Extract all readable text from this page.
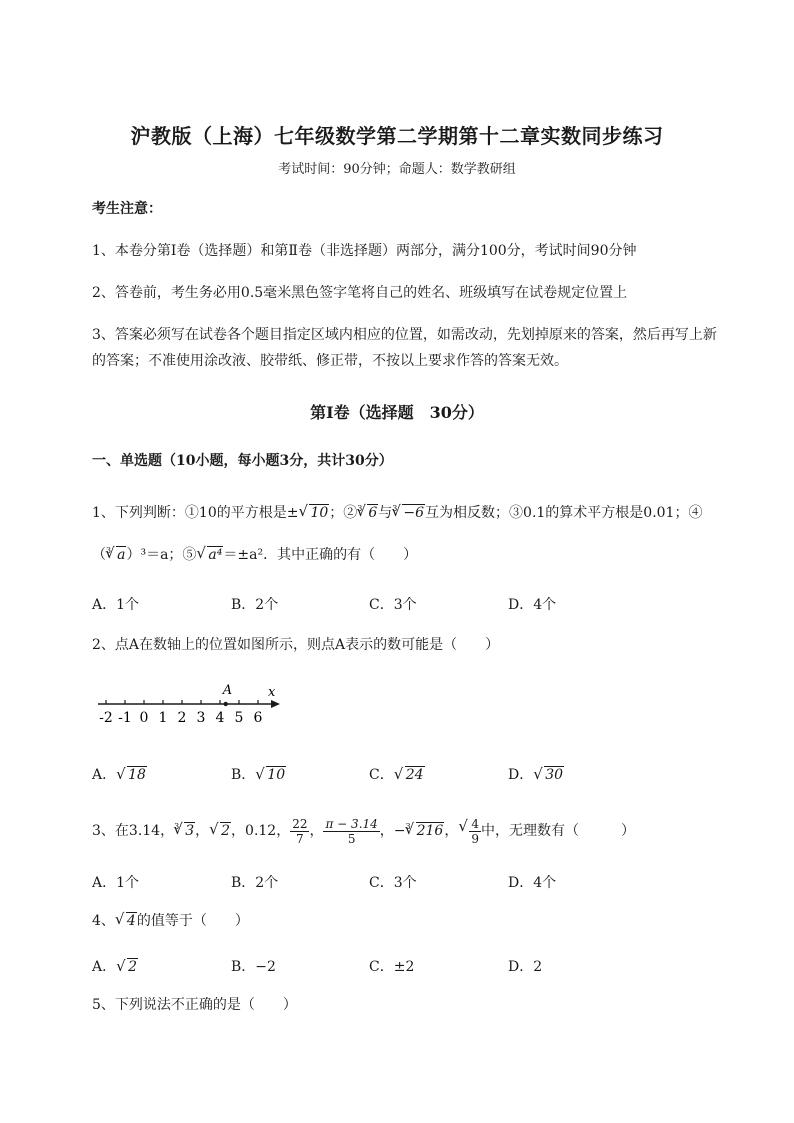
沪教版（上海）七年级数学第二学期第十二章实数同步练习
考试时间：90分钟；命题人：数学教研组
考生注意：
1、本卷分第I卷（选择题）和第Ⅱ卷（非选择题）两部分，满分100分，考试时间90分钟
2、答卷前，考生务必用0.5毫米黑色签字笔将自己的姓名、班级填写在试卷规定位置上
3、答案必须写在试卷各个题目指定区域内相应的位置，如需改动，先划掉原来的答案，然后再写上新
的答案；不准使用涂改液、胶带纸、修正带，不按以上要求作答的答案无效。
第I卷（选择题　30分）
一、单选题（10小题，每小题3分，共计30分）
1、下列判断：①10的平方根是± √ 10；②$^3$ √ 6与$^3$ √ −6互为相反数；③0.1的算术平方根是0.01；④
（$^3$ √ a）³＝a；⑤ √ a⁴＝±a²．其中正确的有（　　）
A．1个	B．2个	C．3个	D．4个
2、点A在数轴上的位置如图所示，则点A表示的数可能是（　　）
-2 -1 0 1 2 3 4 5 6
A	x
A． √ 18	B． √ 10	C． √ 24	D． √ 30
3、在3.14，$^3$ √ 3， √ 2，0.12， $\frac{22}{7}$ ， $\frac{\pi - 3.14}{5}$ ，−$^3$ √ 216， √ $\frac{4}{9}$ 中，无理数有（　　　）
A．1个	B．2个	C．3个	D．4个
4、 √ 4的值等于（　　）
A． √ 2	B．−2	C．±2	D．2
5、下列说法不正确的是（　　）
